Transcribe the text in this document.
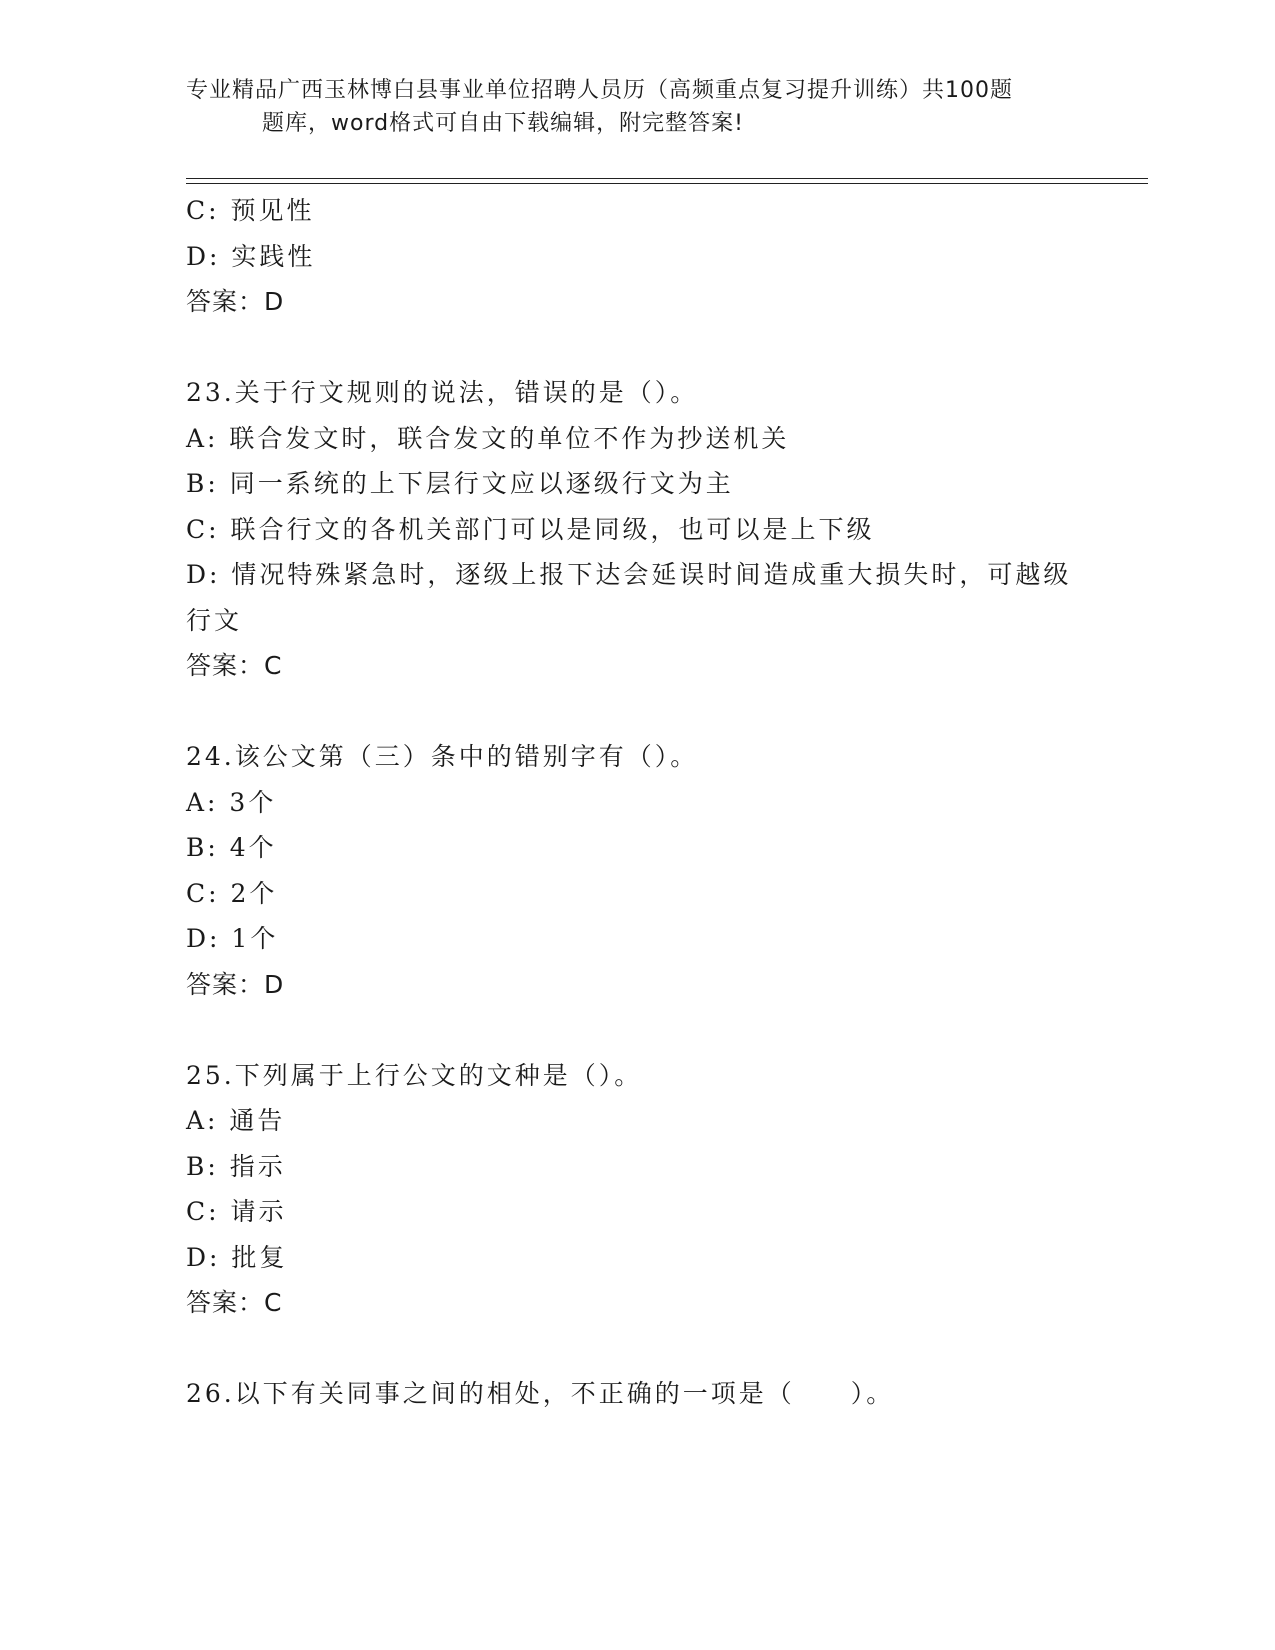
专业精品广西玉林博白县事业单位招聘人员历（高频重点复习提升训练）共100题

题库，word格式可自由下载编辑，附完整答案!
C: 预见性
D: 实践性
答案：D
23.关于行文规则的说法，错误的是（）。
A: 联合发文时，联合发文的单位不作为抄送机关
B: 同一系统的上下层行文应以逐级行文为主
C: 联合行文的各机关部门可以是同级，也可以是上下级
D: 情况特殊紧急时，逐级上报下达会延误时间造成重大损失时，可越级行文
答案：C
24.该公文第（三）条中的错别字有（）。
A: 3个
B: 4个
C: 2个
D: 1个
答案：D
25.下列属于上行公文的文种是（）。
A: 通告
B: 指示
C: 请示
D: 批复
答案：C
26.以下有关同事之间的相处，不正确的一项是（　　）。
